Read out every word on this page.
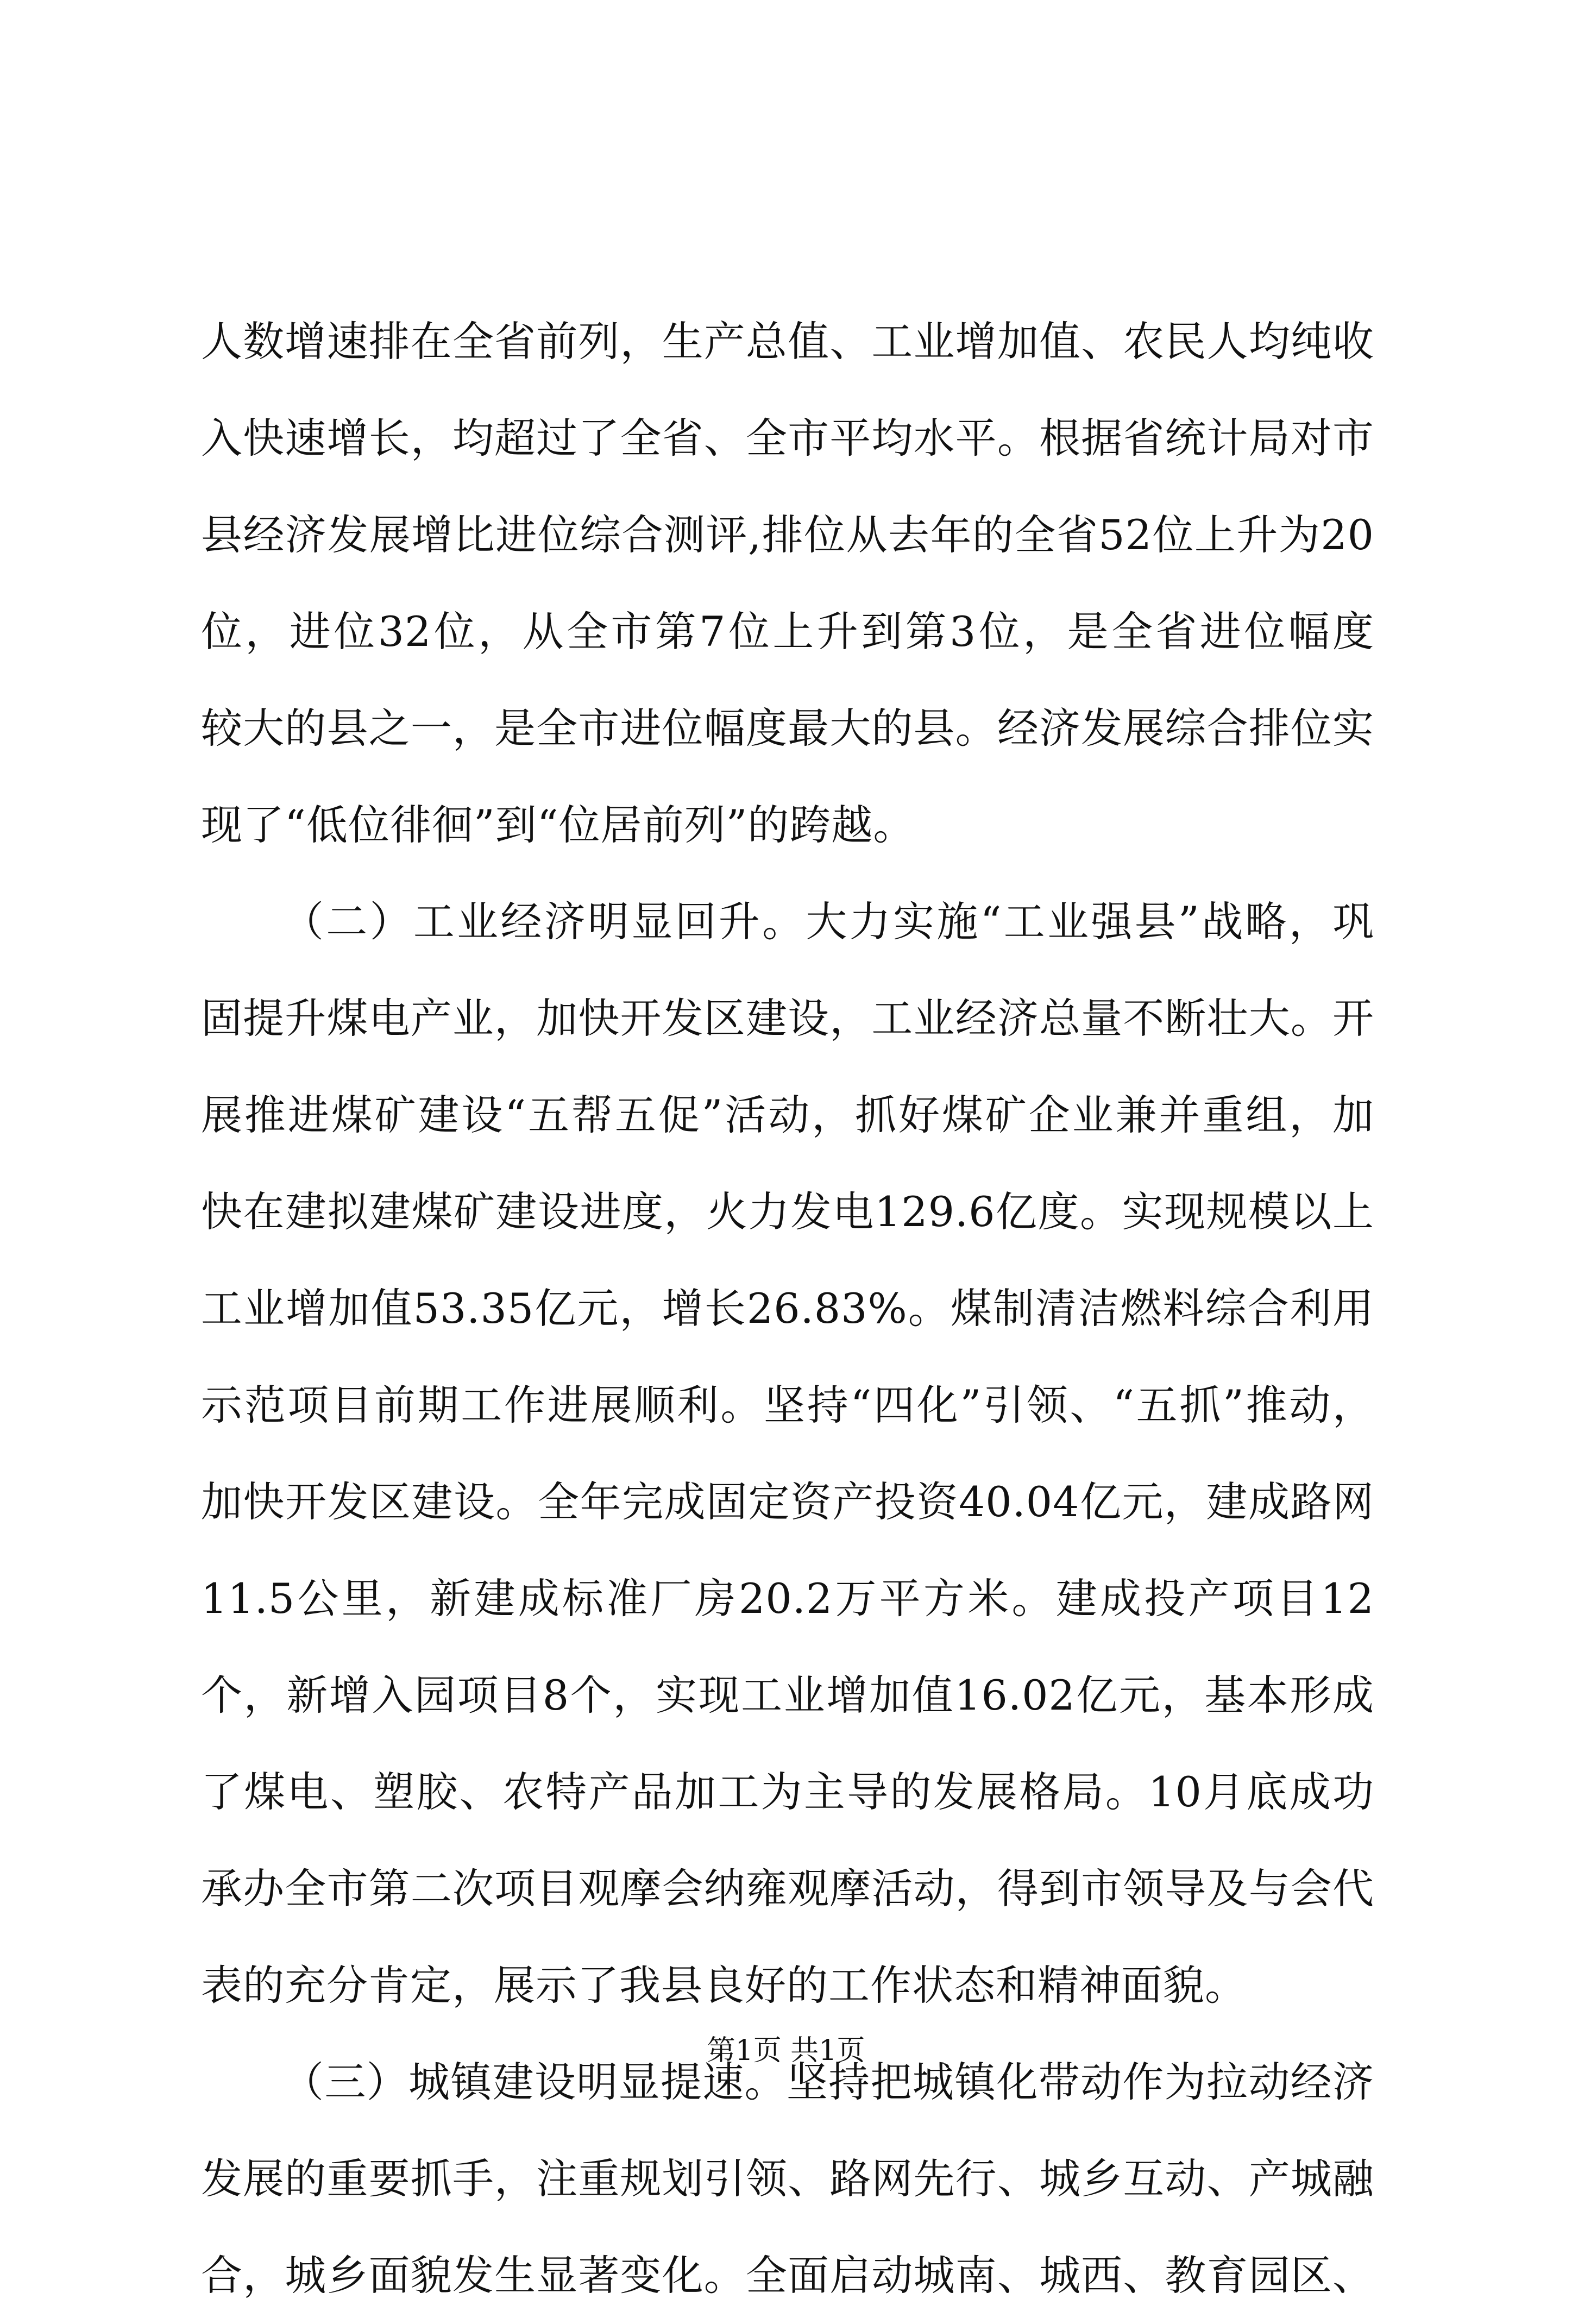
人数增速排在全省前列，生产总值、工业增加值、农民人均纯收
入快速增长，均超过了全省、全市平均水平。根据省统计局对市
县经济发展增比进位综合测评,排位从去年的全省52位上升为20
位，进位32位，从全市第7位上升到第3位，是全省进位幅度
较大的县之一，是全市进位幅度最大的县。经济发展综合排位实
现了“低位徘徊”到“位居前列”的跨越。
（二）工业经济明显回升。大力实施“工业强县”战略，巩
固提升煤电产业，加快开发区建设，工业经济总量不断壮大。开
展推进煤矿建设“五帮五促”活动，抓好煤矿企业兼并重组，加
快在建拟建煤矿建设进度，火力发电129.6亿度。实现规模以上
工业增加值53.35亿元，增长26.83%。煤制清洁燃料综合利用
示范项目前期工作进展顺利。坚持“四化”引领、“五抓”推动，
加快开发区建设。全年完成固定资产投资40.04亿元，建成路网
11.5公里，新建成标准厂房20.2万平方米。建成投产项目12
个，新增入园项目8个，实现工业增加值16.02亿元，基本形成
了煤电、塑胶、农特产品加工为主导的发展格局。10月底成功
承办全市第二次项目观摩会纳雍观摩活动，得到市领导及与会代
表的充分肯定，展示了我县良好的工作状态和精神面貌。
（三）城镇建设明显提速。坚持把城镇化带动作为拉动经济
发展的重要抓手，注重规划引领、路网先行、城乡互动、产城融
合，城乡面貌发生显著变化。全面启动城南、城西、教育园区、
第1页 共1页
